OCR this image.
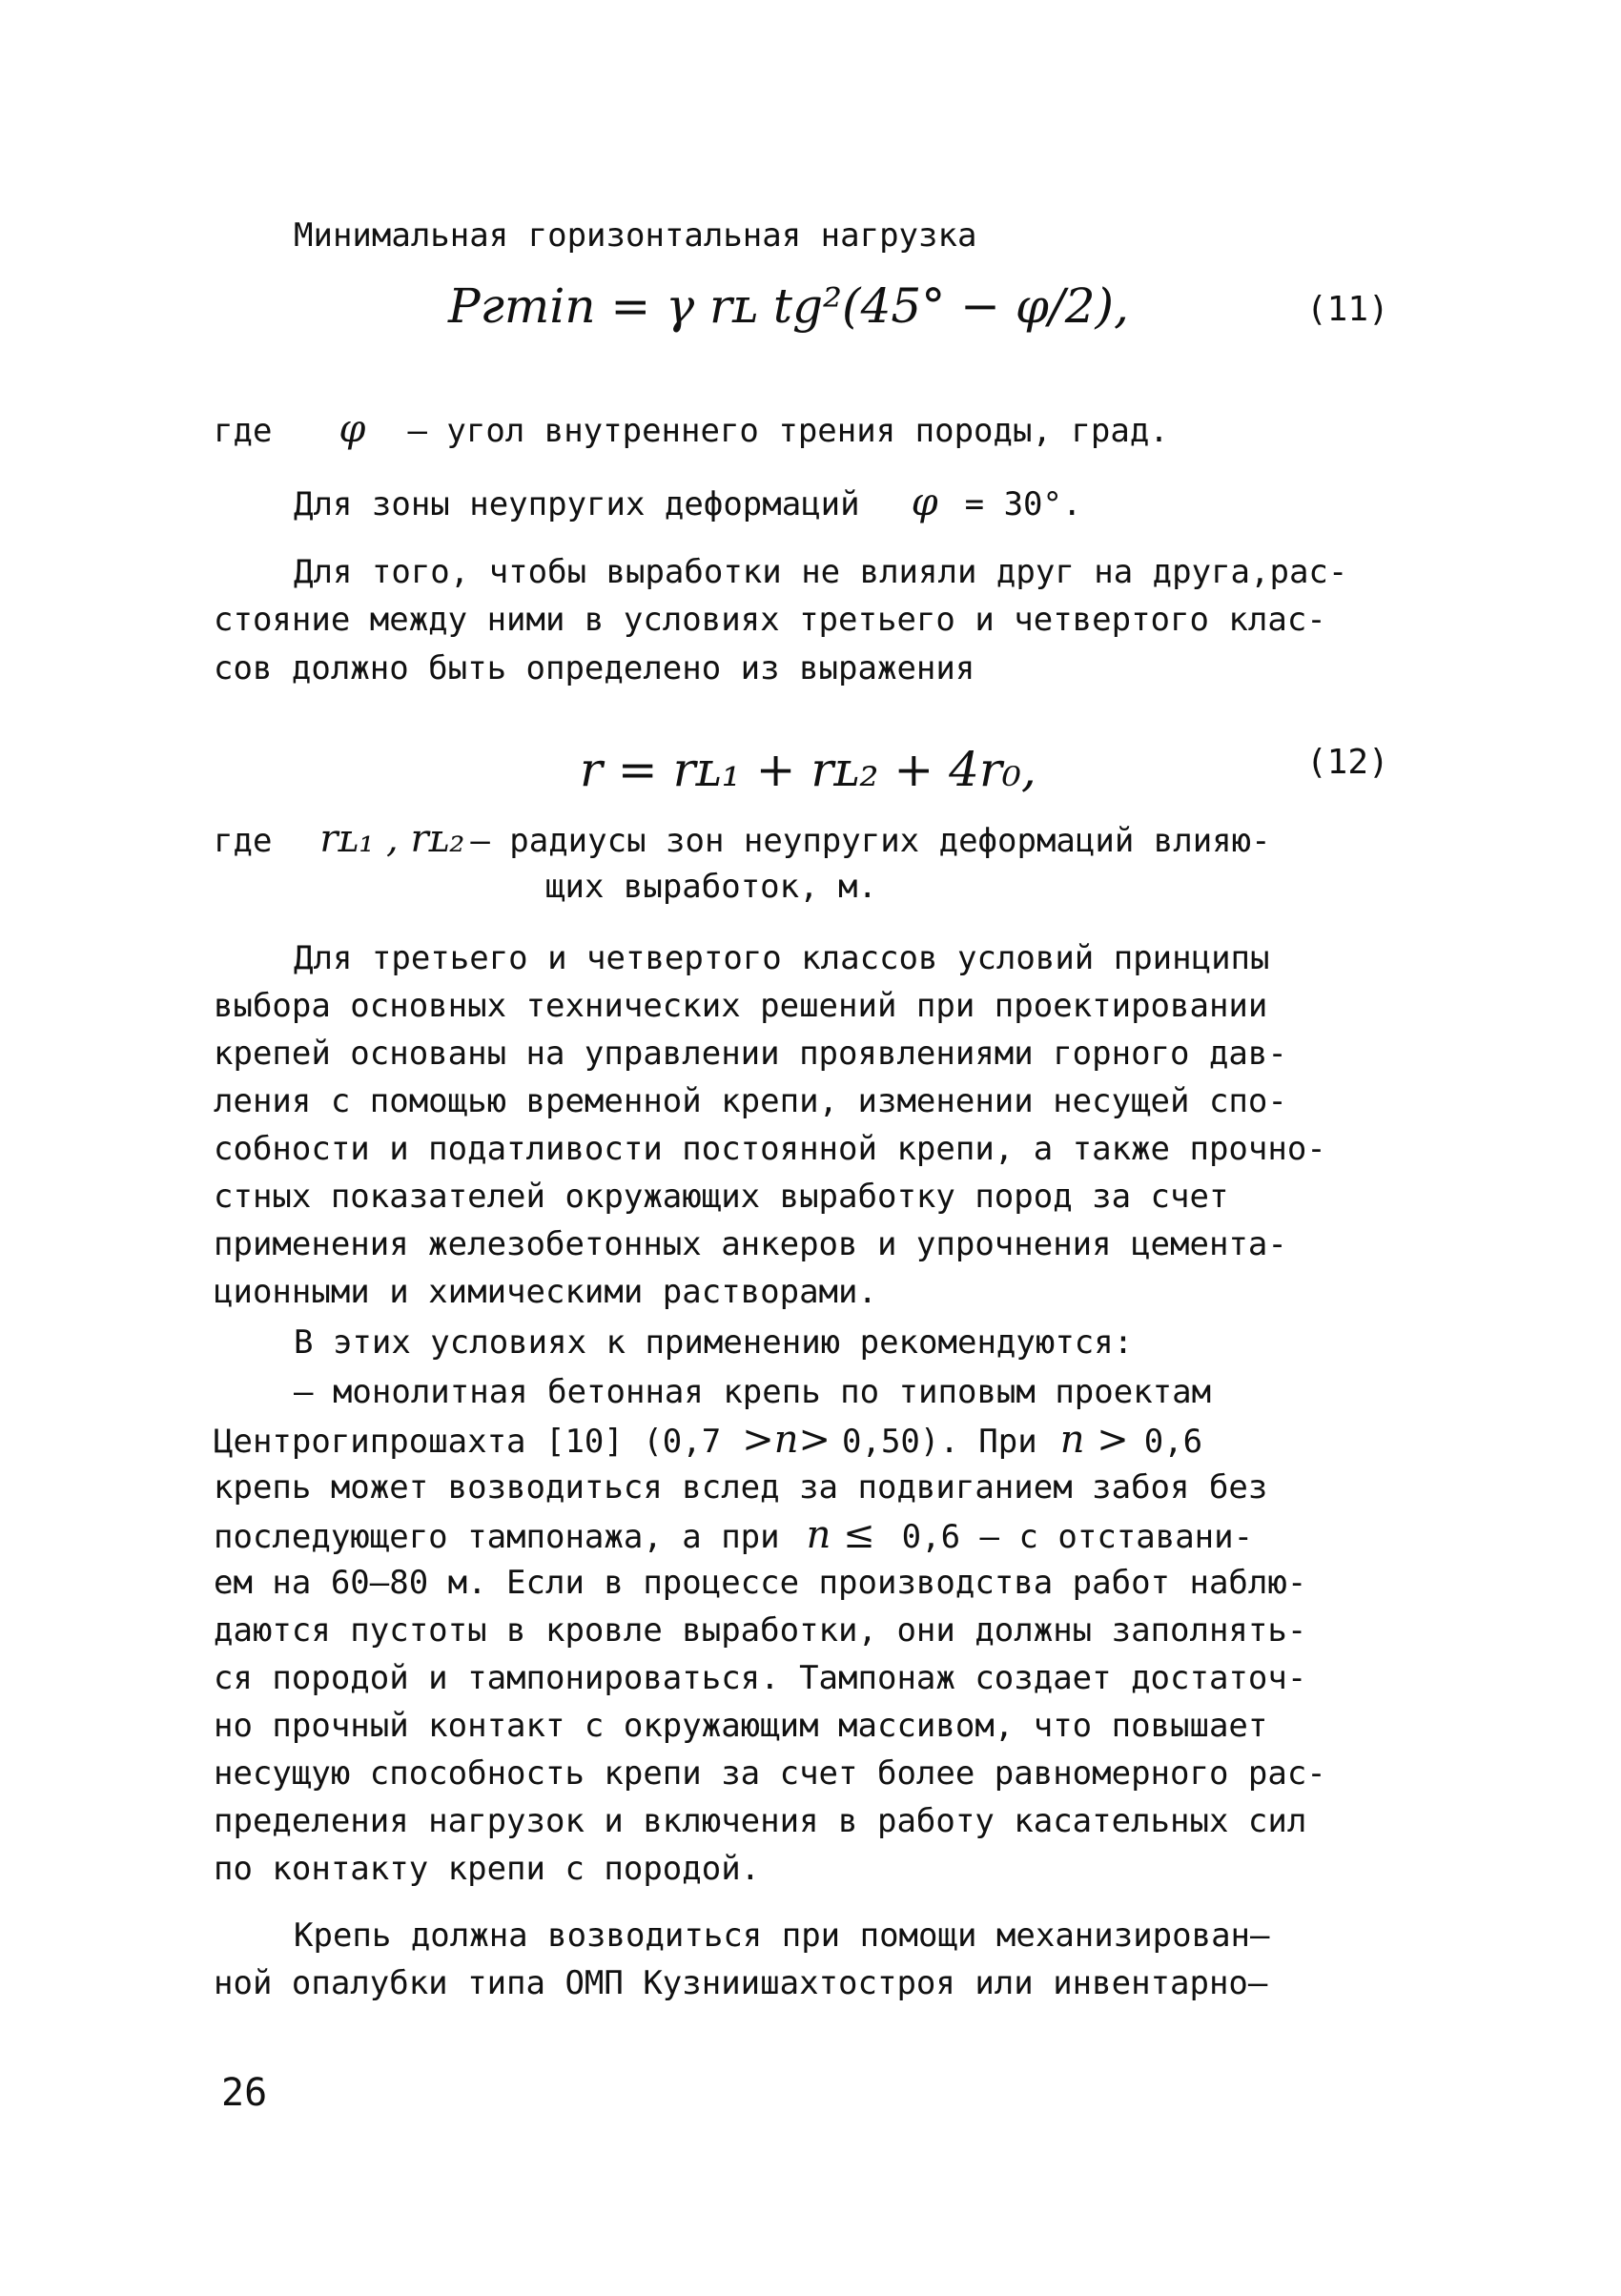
Минимальная горизонтальная нагрузка
Pгmin = γ rʟ tg²(45° − φ/2),	(11)
где φ – угол внутреннего трения породы, град.
Для зоны неупругих деформаций φ = 30°.
Для того, чтобы выработки не влияли друг на друга,рас-
стояние между ними в условиях третьего и четвертого клас-
сов должно быть определено из выражения
r = rʟ₁ + rʟ₂ + 4r₀,	(12)
где rʟ₁ , rʟ₂ – радиусы зон неупругих деформаций влияю-
щих выработок, м.
Для третьего и четвертого классов условий принципы
выбора основных технических решений при проектировании
крепей основаны на управлении проявлениями горного дав-
ления с помощью временной крепи, изменении несущей спо-
собности и податливости постоянной крепи, а также прочно-
стных показателей окружающих выработку пород за счет
применения железобетонных анкеров и упрочнения цемента-
ционными и химическими растворами.
В этих условиях к применению рекомендуются:
– монолитная бетонная крепь по типовым проектам
Центрогипрошахта [10] (0,7 >n> 0,50). При n > 0,6
крепь может возводиться вслед за подвиганием забоя без
последующего тампонажа, а при n ≤ 0,6 – с отставани-
ем на 60—80 м. Если в процессе производства работ наблю-
даются пустоты в кровле выработки, они должны заполнять-
ся породой и тампонироваться. Тампонаж создает достаточ-
но прочный контакт с окружающим массивом, что повышает
несущую способность крепи за счет более равномерного рас-
пределения нагрузок и включения в работу касательных сил
по контакту крепи с породой.
Крепь должна возводиться при помощи механизирован–
ной опалубки типа ОМП Кузниишахтостроя или инвентарно–
26
